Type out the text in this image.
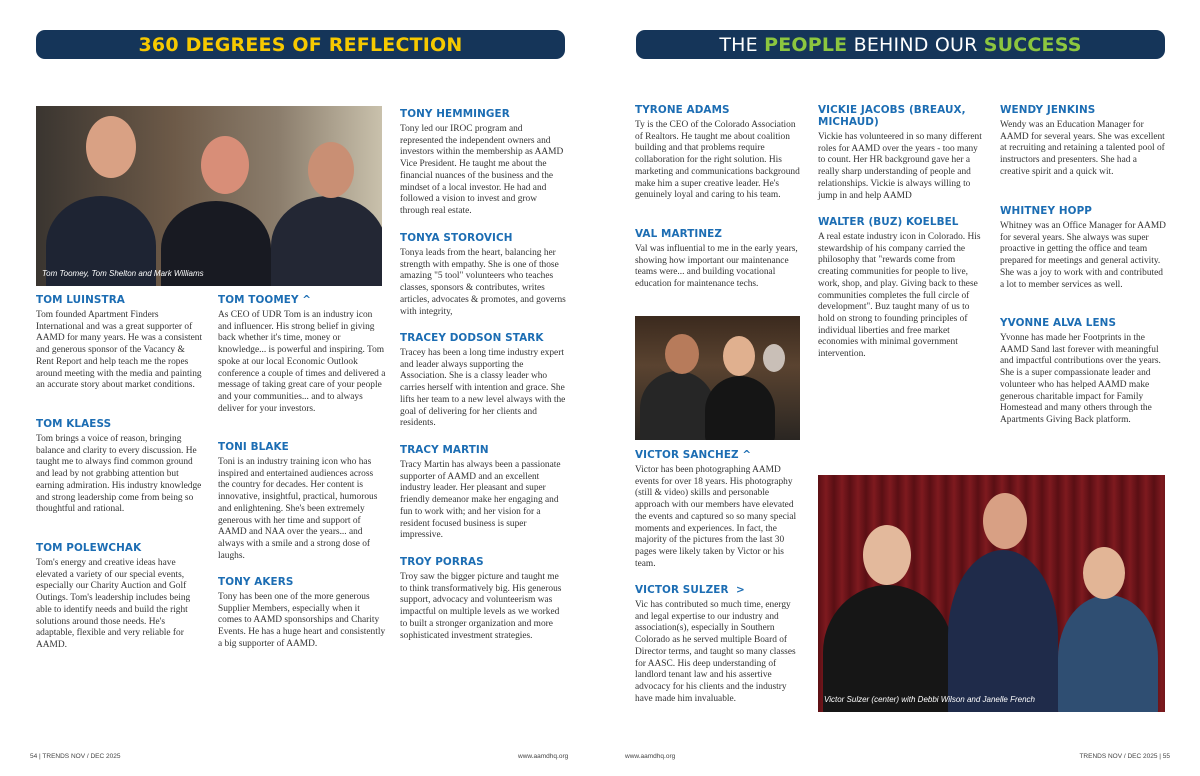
360 DEGREES OF REFLECTION	THE PEOPLE BEHIND OUR SUCCESS
Tom Toomey, Tom Shelton and Mark Williams
Victor Sulzer (center) with Debbi Wilson and Janelle French
TOM LUINSTRA

Tom founded Apartment Finders International and was a great supporter of AAMD for many years. He was a consistent and generous sponsor of the Vacancy & Rent Report and help teach me the ropes around meeting with the media and painting an accurate story about market conditions.

TOM KLAESS

Tom brings a voice of reason, bringing balance and clarity to every discussion. He taught me to always find common ground and lead by not grabbing attention but earning admiration. His industry knowledge and strong leadership come from being so thoughtful and rational.

TOM POLEWCHAK

Tom's energy and creative ideas have elevated a variety of our special events, especially our Charity Auction and Golf Outings. Tom's leadership includes being able to identify needs and build the right solutions around those needs. He's adaptable, flexible and very reliable for AAMD.

TOM TOOMEY ^

As CEO of UDR Tom is an industry icon and influencer. His strong belief in giving back whether it's time, money or knowledge... is powerful and inspiring. Tom spoke at our local Economic Outlook conference a couple of times and delivered a message of taking great care of your people and your communities... and to always deliver for your investors.

TONI BLAKE

Toni is an industry training icon who has inspired and entertained audiences across the country for decades. Her content is innovative, insightful, practical, humorous and enlightening. She's been extremely generous with her time and support of AAMD and NAA over the years... and always with a smile and a strong dose of laughs.

TONY AKERS

Tony has been one of the more generous Supplier Members, especially when it comes to AAMD sponsorships and Charity Events. He has a huge heart and consistently a big supporter of AAMD.

TONY HEMMINGER

Tony led our IROC program and represented the independent owners and investors within the membership as AAMD Vice President. He taught me about the financial nuances of the business and the mindset of a local investor. He had and followed a vision to invest and grow through real estate.

TONYA STOROVICH

Tonya leads from the heart, balancing her strength with empathy. She is one of those amazing "5 tool" volunteers who teaches classes, sponsors & contributes, writes articles, advocates & promotes, and governs with integrity,

TRACEY DODSON STARK

Tracey has been a long time industry expert and leader always supporting the Association. She is a classy leader who carries herself with intention and grace. She lifts her team to a new level always with the goal of delivering for her clients and residents.

TRACY MARTIN

Tracy Martin has always been a passionate supporter of AAMD and an excellent industry leader. Her pleasant and super friendly demeanor make her engaging and fun to work with; and her vision for a resident focused business is super impressive.

TROY PORRAS

Troy saw the bigger picture and taught me to think transformatively big. His generous support, advocacy and volunteerism was impactful on multiple levels as we worked to built a stronger organization and more sophisticated investment strategies.

TYRONE ADAMS

Ty is the CEO of the Colorado Association of Realtors. He taught me about coalition building and that problems require collaboration for the right solution. His marketing and communications background make him a super creative leader. He's genuinely loyal and caring to his team.

VAL MARTINEZ

Val was influential to me in the early years, showing how important our maintenance teams were... and building vocational education for maintenance techs.

VICTOR SANCHEZ ^

Victor has been photographing AAMD events for over 18 years. His photography (still & video) skills and personable approach with our members have elevated the events and captured so so many special moments and experiences. In fact, the majority of the pictures from the last 30 pages were likely taken by Victor or his team.

VICTOR SULZER  >

Vic has contributed so much time, energy and legal expertise to our industry and association(s), especially in Southern Colorado as he served multiple Board of Director terms, and taught so many classes for AASC. His deep understanding of landlord tenant law and his assertive advocacy for his clients and the industry have made him invaluable.

VICKIE JACOBS (BREAUX, MICHAUD)

Vickie has volunteered in so many different roles for AAMD over the years - too many to count. Her HR background gave her a really sharp understanding of people and relationships. Vickie is always willing to jump in and help AAMD

WALTER (BUZ) KOELBEL

A real estate industry icon in Colorado. His stewardship of his company carried the philosophy that "rewards come from creating communities for people to live, work, shop, and play. Giving back to these communities completes the full circle of development". Buz taught many of us to hold on strong to founding principles of individual liberties and free market economies with minimal government intervention.

WENDY JENKINS

Wendy was an Education Manager for AAMD for several years. She was excellent at recruiting and retaining a talented pool of instructors and presenters. She had a creative spirit and a quick wit.

WHITNEY HOPP

Whitney was an Office Manager for AAMD for several years. She always was super proactive in getting the office and team prepared for meetings and general activity. She was a joy to work with and contributed a lot to member services as well.

YVONNE ALVA LENS

Yvonne has made her Footprints in the AAMD Sand last forever with meaningful and impactful contributions over the years. She is a super compassionate leader and volunteer who has helped AAMD make generous charitable impact for Family Homestead and many others through the Apartments Giving Back platform.

54 | TRENDS NOV / DEC 2025	www.aamdhq.org	www.aamdhq.org	TRENDS NOV / DEC 2025 | 55
